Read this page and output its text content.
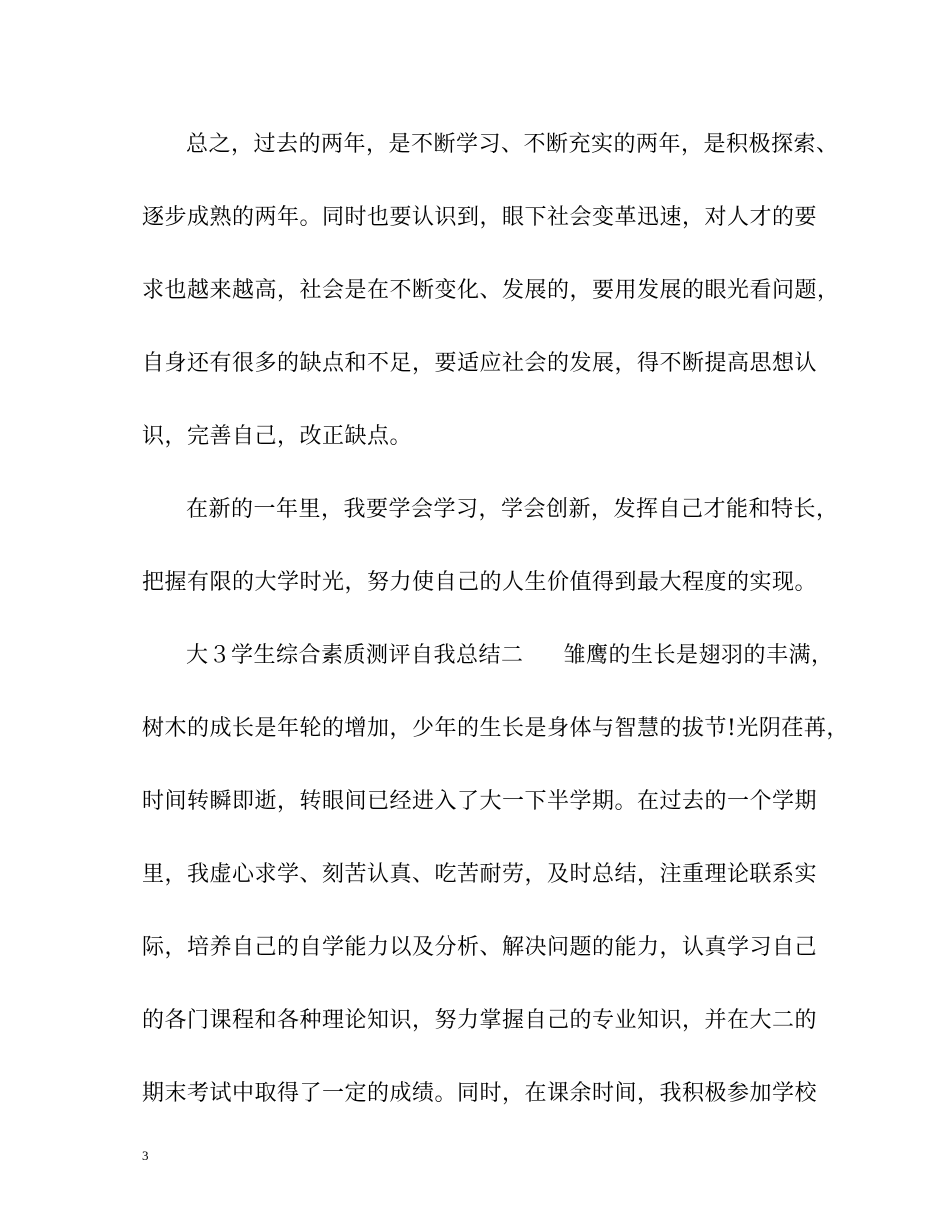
总之，过去的两年，是不断学习、不断充实的两年，是积极探索、
逐步成熟的两年。同时也要认识到，眼下社会变革迅速，对人才的要
求也越来越高，社会是在不断变化、发展的，要用发展的眼光看问题，
自身还有很多的缺点和不足，要适应社会的发展，得不断提高思想认
识，完善自己，改正缺点。
在新的一年里，我要学会学习，学会创新，发挥自己才能和特长，
把握有限的大学时光，努力使自己的人生价值得到最大程度的实现。
大３学生综合素质测评自我总结二 雏鹰的生长是翅羽的丰满，
树木的成长是年轮的增加，少年的生长是身体与智慧的拔节!光阴荏苒，
时间转瞬即逝，转眼间已经进入了大一下半学期。在过去的一个学期
里，我虚心求学、刻苦认真、吃苦耐劳，及时总结，注重理论联系实
际，培养自己的自学能力以及分析、解决问题的能力，认真学习自己
的各门课程和各种理论知识，努力掌握自己的专业知识，并在大二的
期末考试中取得了一定的成绩。同时，在课余时间，我积极参加学校
3
